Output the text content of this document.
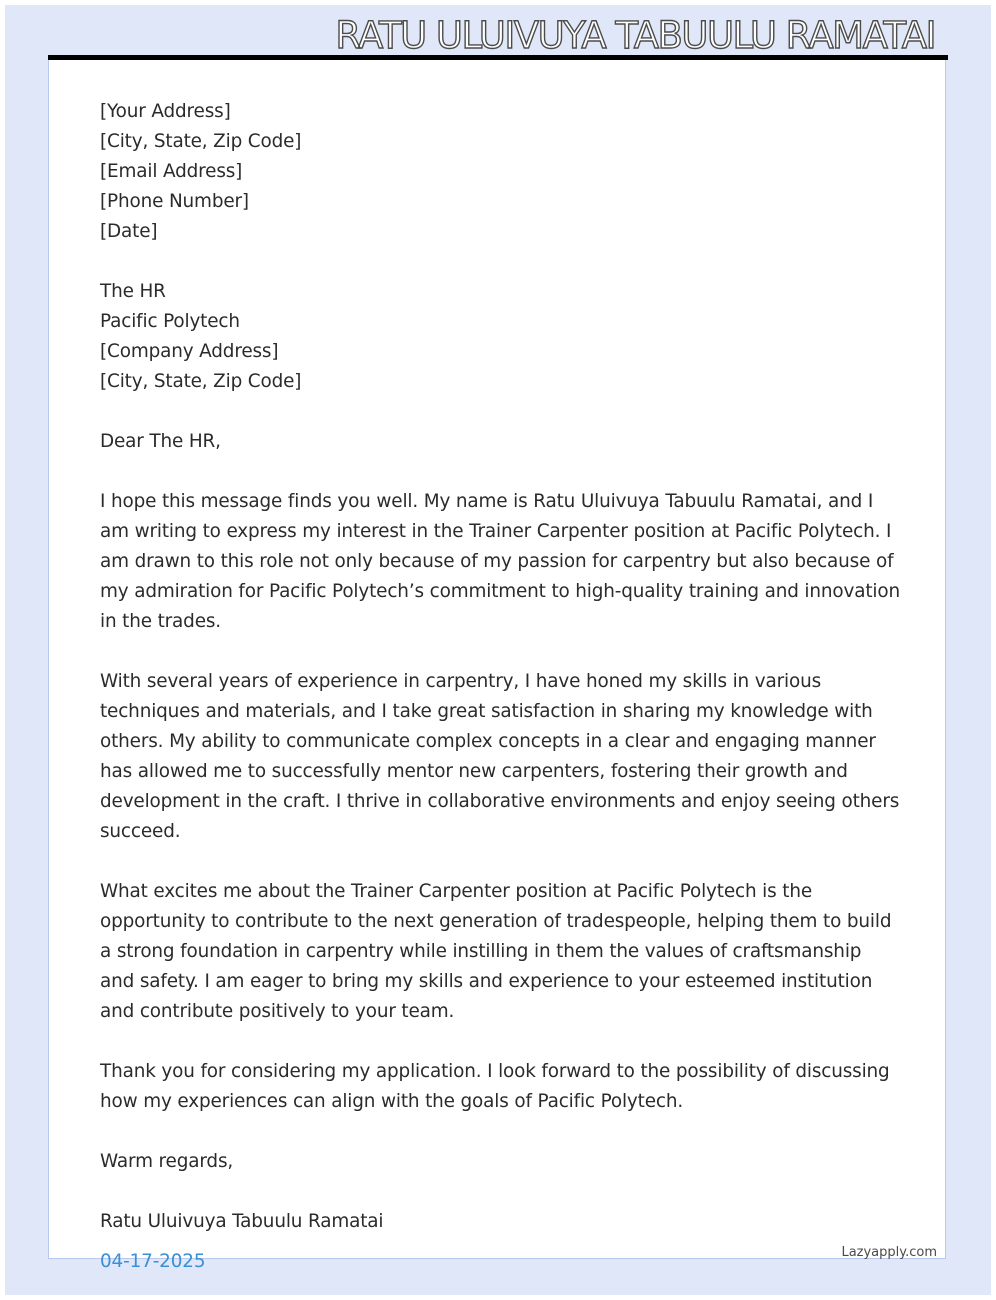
RATU ULUIVUYA TABUULU RAMATAI
[Your Address]
[City, State, Zip Code]
[Email Address]
[Phone Number]
[Date]
The HR
Pacific Polytech
[Company Address]
[City, State, Zip Code]
Dear The HR,

I hope this message finds you well. My name is Ratu Uluivuya Tabuulu Ramatai, and I am writing to express my interest in the Trainer Carpenter position at Pacific Polytech. I am drawn to this role not only because of my passion for carpentry but also because of my admiration for Pacific Polytech’s commitment to high-quality training and innovation in the trades.

With several years of experience in carpentry, I have honed my skills in various techniques and materials, and I take great satisfaction in sharing my knowledge with others. My ability to communicate complex concepts in a clear and engaging manner has allowed me to successfully mentor new carpenters, fostering their growth and development in the craft. I thrive in collaborative environments and enjoy seeing others succeed.

What excites me about the Trainer Carpenter position at Pacific Polytech is the opportunity to contribute to the next generation of tradespeople, helping them to build a strong foundation in carpentry while instilling in them the values of craftsmanship and safety. I am eager to bring my skills and experience to your esteemed institution and contribute positively to your team.

Thank you for considering my application. I look forward to the possibility of discussing how my experiences can align with the goals of Pacific Polytech.

Warm regards,
Ratu Uluivuya Tabuulu Ramatai
04-17-2025	Lazyapply.com
